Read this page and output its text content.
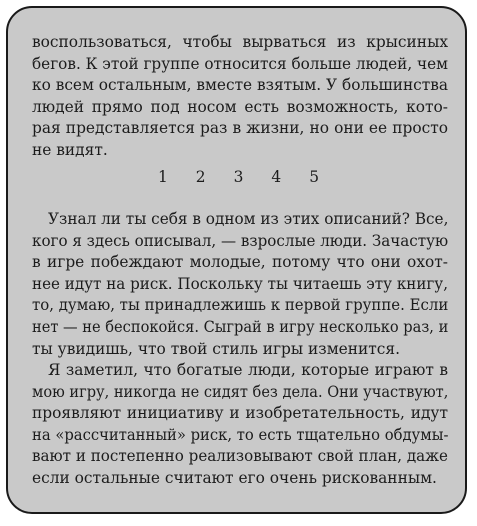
воспользоваться, чтобы вырваться из крысиных
бегов. К этой группе относится больше людей, чем
ко всем остальным, вместе взятым. У большинства
людей прямо под носом есть возможность, кото-
рая представляется раз в жизни, но они ее просто
не видят.
1 2 3 4 5
Узнал ли ты себя в одном из этих описаний? Все,
кого я здесь описывал, — взрослые люди. Зачастую
в игре побеждают молодые, потому что они охот-
нее идут на риск. Поскольку ты читаешь эту книгу,
то, думаю, ты принадлежишь к первой группе. Если
нет — не беспокойся. Сыграй в игру несколько раз, и
ты увидишь, что твой стиль игры изменится.
Я заметил, что богатые люди, которые играют в
мою игру, никогда не сидят без дела. Они участвуют,
проявляют инициативу и изобретательность, идут
на «рассчитанный» риск, то есть тщательно обдумы-
вают и постепенно реализовывают свой план, даже
если остальные считают его очень рискованным.
